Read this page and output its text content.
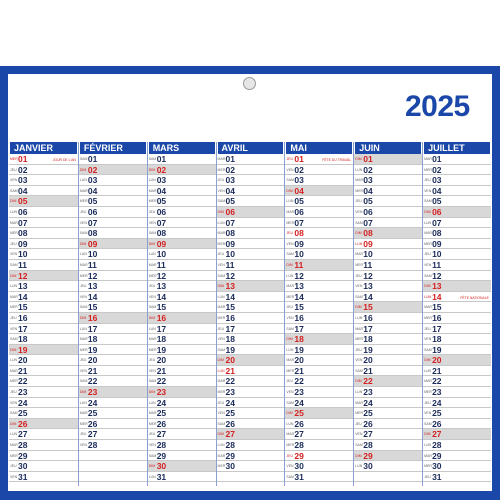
2025
JANVIER
MER 01	JOUR DE L'AN
JEU 02
VEN 03
SAM 04
DIM 05
LUN 06
MAR 07
MER 08
JEU 09
VEN 10
SAM 11
DIM 12
LUN 13
MAR 14
MER 15
JEU 16
VEN 17
SAM 18
DIM 19
LUN 20
MAR 21
MER 22
JEU 23
VEN 24
SAM 25
DIM 26
LUN 27
MAR 28
MER 29
JEU 30
VEN 31
FÉVRIER
SAM 01
DIM 02
LUN 03
MAR 04
MER 05
JEU 06
VEN 07
SAM 08
DIM 09
LUN 10
MAR 11
MER 12
JEU 13
VEN 14
SAM 15
DIM 16
LUN 17
MAR 18
MER 19
JEU 20
VEN 21
SAM 22
DIM 23
LUN 24
MAR 25
MER 26
JEU 27
VEN 28
MARS
SAM 01
DIM 02
LUN 03
MAR 04
MER 05
JEU 06
VEN 07
SAM 08
DIM 09
LUN 10
MAR 11
MER 12
JEU 13
VEN 14
SAM 15
DIM 16
LUN 17
MAR 18
MER 19
JEU 20
VEN 21
SAM 22
DIM 23
LUN 24
MAR 25
MER 26
JEU 27
VEN 28
SAM 29
DIM 30
LUN 31
AVRIL
MAR 01
MER 02
JEU 03
VEN 04
SAM 05
DIM 06
LUN 07
MAR 08
MER 09
JEU 10
VEN 11
SAM 12
DIM 13
LUN 14
MAR 15
MER 16
JEU 17
VEN 18
SAM 19
DIM 20
LUN 21
MAR 22
MER 23
JEU 24
VEN 25
SAM 26
DIM 27
LUN 28
MAR 29
MER 30
MAI
JEU 01	FÊTE DU TRAVAIL
VEN 02
SAM 03
DIM 04
LUN 05
MAR 06
MER 07
JEU 08
VEN 09
SAM 10
DIM 11
LUN 12
MAR 13
MER 14
JEU 15
VEN 16
SAM 17
DIM 18
LUN 19
MAR 20
MER 21
JEU 22
VEN 23
SAM 24
DIM 25
LUN 26
MAR 27
MER 28
JEU 29
VEN 30
SAM 31
JUIN
DIM 01
LUN 02
MAR 03
MER 04
JEU 05
VEN 06
SAM 07
DIM 08
LUN 09
MAR 10
MER 11
JEU 12
VEN 13
SAM 14
DIM 15
LUN 16
MAR 17
MER 18
JEU 19
VEN 20
SAM 21
DIM 22
LUN 23
MAR 24
MER 25
JEU 26
VEN 27
SAM 28
DIM 29
LUN 30
JUILLET
MAR 01
MER 02
JEU 03
VEN 04
SAM 05
DIM 06
LUN 07
MAR 08
MER 09
JEU 10
VEN 11
SAM 12
DIM 13
LUN 14	FÊTE NATIONALE
MAR 15
MER 16
JEU 17
VEN 18
SAM 19
DIM 20
LUN 21
MAR 22
MER 23
JEU 24
VEN 25
SAM 26
DIM 27
LUN 28
MAR 29
MER 30
JEU 31
